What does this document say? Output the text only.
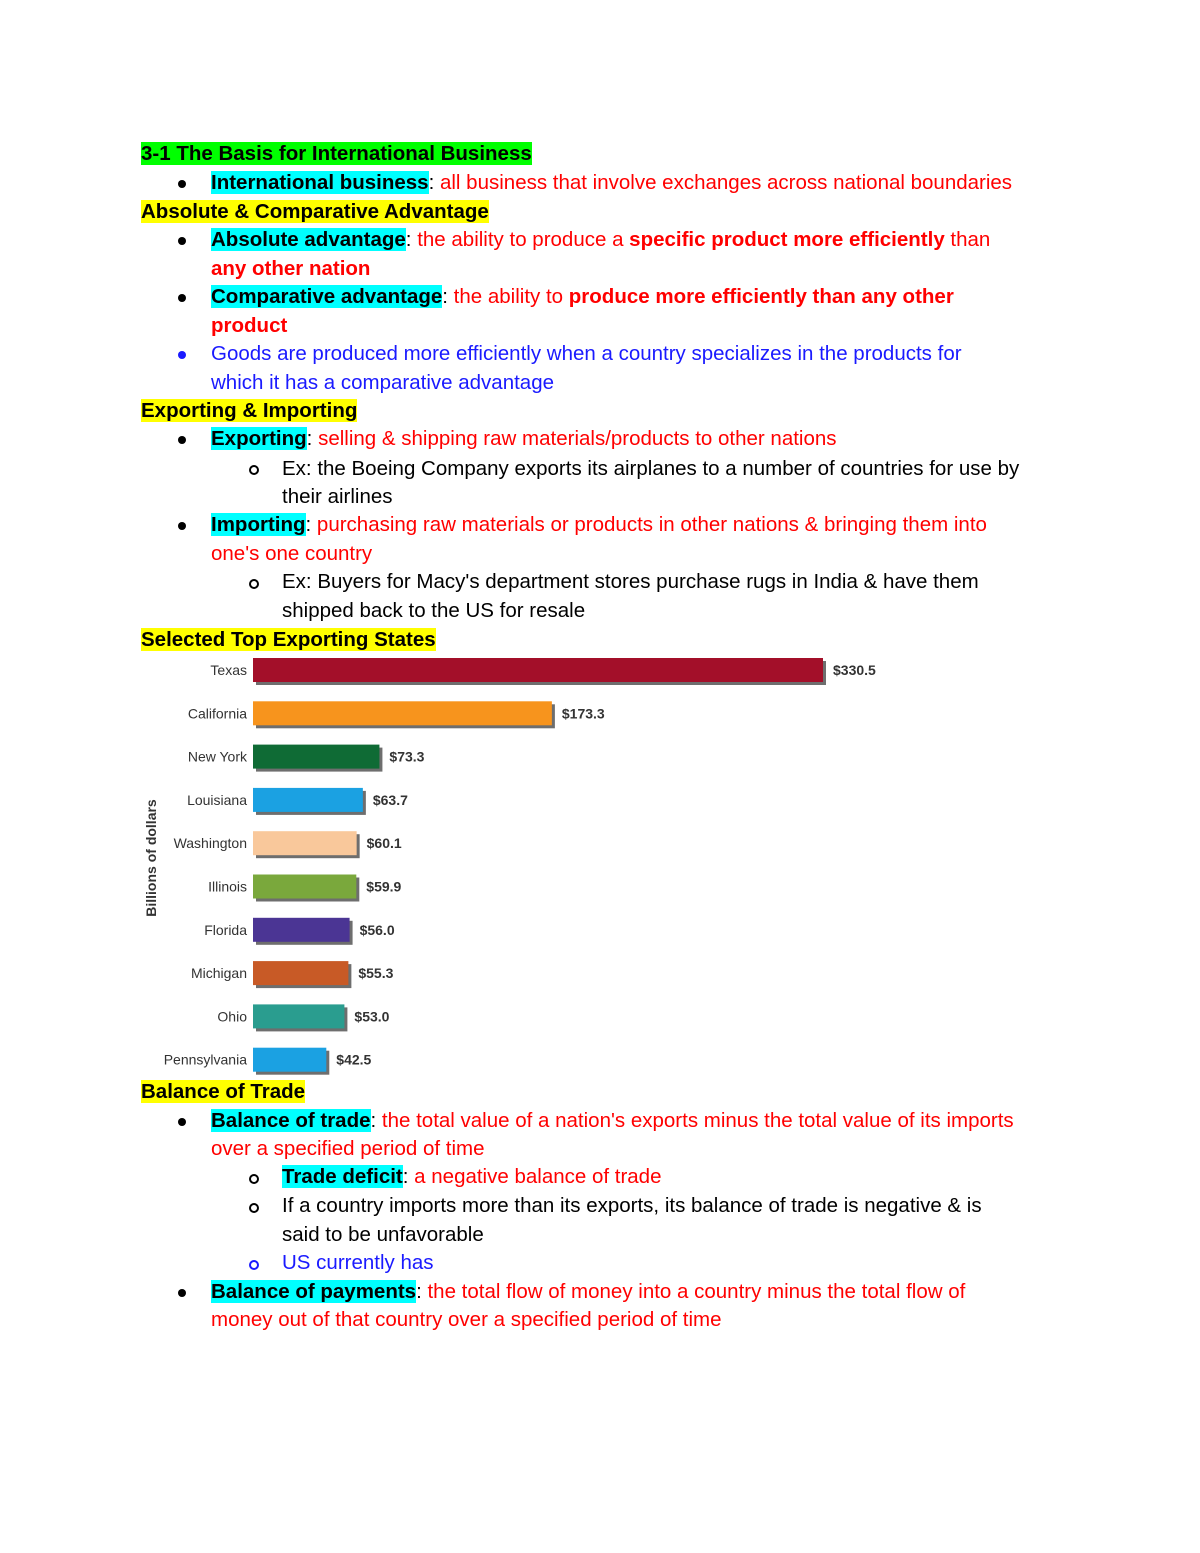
3-1 The Basis for International Business
International business: all business that involve exchanges across national boundaries
Absolute & Comparative Advantage
Absolute advantage: the ability to produce a specific product more efficiently than
any other nation
Comparative advantage: the ability to produce more efficiently than any other
product
Goods are produced more efficiently when a country specializes in the products for
which it has a comparative advantage
Exporting & Importing
Exporting: selling & shipping raw materials/products to other nations
Ex: the Boeing Company exports its airplanes to a number of countries for use by
their airlines
Importing: purchasing raw materials or products in other nations & bringing them into
one's one country
Ex: Buyers for Macy's department stores purchase rugs in India & have them
shipped back to the US for resale
Selected Top Exporting States
Billions of dollars
Texas	$330.5
California	$173.3
New York	$73.3
Louisiana	$63.7
Washington	$60.1
Illinois	$59.9
Florida	$56.0
Michigan	$55.3
Ohio	$53.0
Pennsylvania	$42.5
Balance of Trade
Balance of trade: the total value of a nation's exports minus the total value of its imports
over a specified period of time
Trade deficit: a negative balance of trade
If a country imports more than its exports, its balance of trade is negative & is
said to be unfavorable
US currently has
Balance of payments: the total flow of money into a country minus the total flow of
money out of that country over a specified period of time
